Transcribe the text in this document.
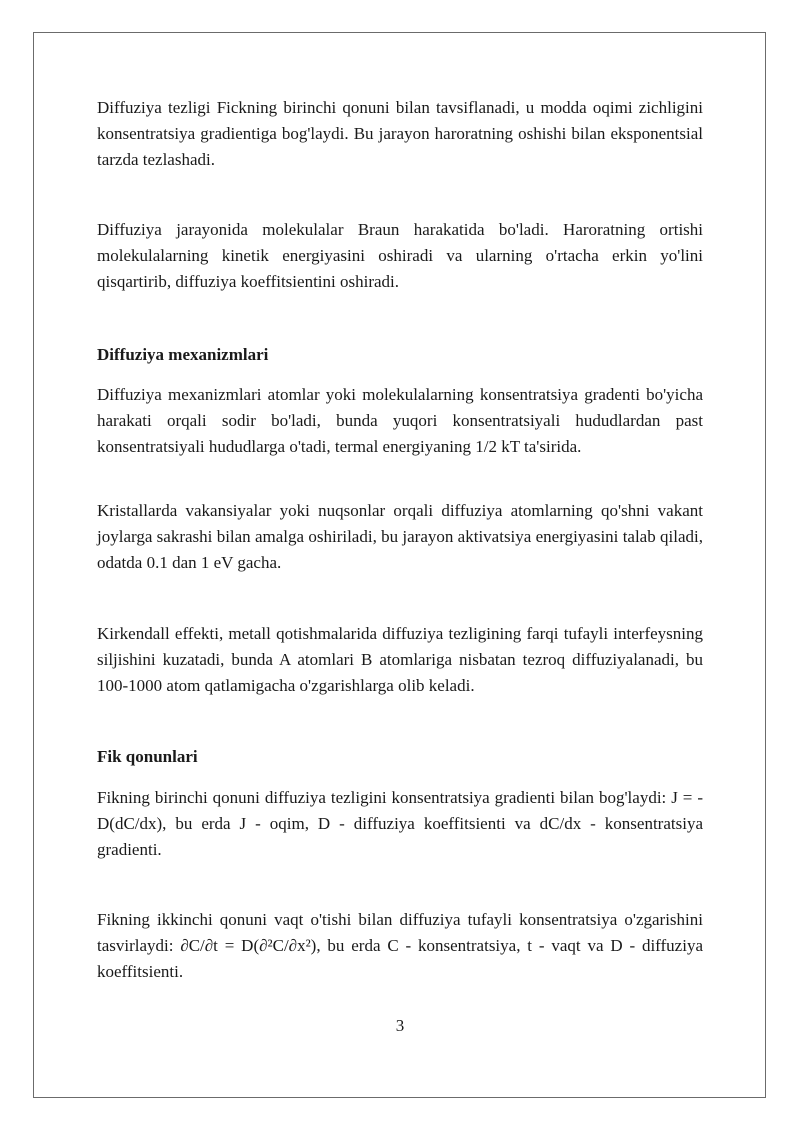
Diffuziya tezligi Fickning birinchi qonuni bilan tavsiflanadi, u modda oqimi zichligini konsentratsiya gradientiga bog'laydi. Bu jarayon haroratning oshishi bilan eksponentsial tarzda tezlashadi.

Diffuziya jarayonida molekulalar Braun harakatida bo'ladi. Haroratning ortishi molekulalarning kinetik energiyasini oshiradi va ularning o'rtacha erkin yo'lini qisqartirib, diffuziya koeffitsientini oshiradi.

Diffuziya mexanizmlari

Diffuziya mexanizmlari atomlar yoki molekulalarning konsentratsiya gradenti bo'yicha harakati orqali sodir bo'ladi, bunda yuqori konsentratsiyali hududlardan past konsentratsiyali hududlarga o'tadi, termal energiyaning 1/2 kT ta'sirida.

Kristallarda vakansiyalar yoki nuqsonlar orqali diffuziya atomlarning qo'shni vakant joylarga sakrashi bilan amalga oshiriladi, bu jarayon aktivatsiya energiyasini talab qiladi, odatda 0.1 dan 1 eV gacha.

Kirkendall effekti, metall qotishmalarida diffuziya tezligining farqi tufayli interfeysning siljishini kuzatadi, bunda A atomlari B atomlariga nisbatan tezroq diffuziyalanadi, bu 100-1000 atom qatlamigacha o'zgarishlarga olib keladi.

Fik qonunlari

Fikning birinchi qonuni diffuziya tezligini konsentratsiya gradienti bilan bog'laydi: J = -D(dC/dx), bu erda J - oqim, D - diffuziya koeffitsienti va dC/dx - konsentratsiya gradienti.

Fikning ikkinchi qonuni vaqt o'tishi bilan diffuziya tufayli konsentratsiya o'zgarishini tasvirlaydi: ∂C/∂t = D(∂²C/∂x²), bu erda C - konsentratsiya, t - vaqt va D - diffuziya koeffitsienti.

3
